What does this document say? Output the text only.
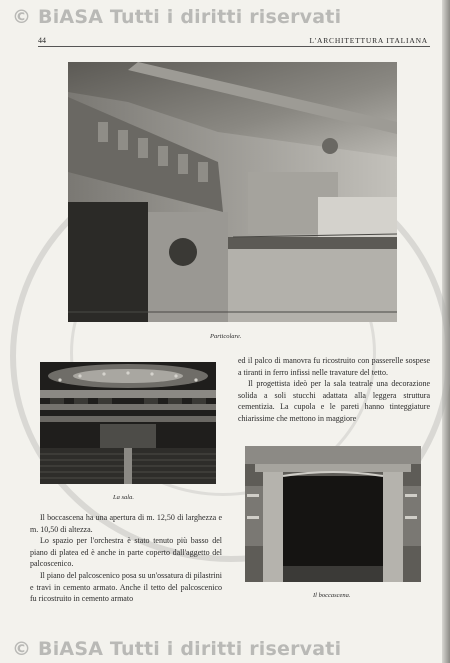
© BiASA Tutti i diritti riservati
44	L'ARCHITETTURA ITALIANA
Particolare.
La sala.
Il boccascena.

ed il palco di manovra fu ricostruito con passerelle sospese a tiranti in ferro infissi nelle travature del tetto.

Il progettista ideò per la sala teatrale una decorazione solida a soli stucchi adattata alla leggera struttura cementizia. La cupola e le pareti hanno tinteggiature chiarissime che mettono in maggiore

Il boccascena ha una apertura di m. 12,50 di larghezza e m. 10,50 di altezza.

Lo spazio per l'orchestra è stato tenuto più basso del piano di platea ed è anche in parte coperto dall'aggetto del palcoscenico.

Il piano del palcoscenico posa su un'ossatura di pilastrini e travi in cemento armato. Anche il tetto del palcoscenico fu ricostruito in cemento armato

© BiASA Tutti i diritti riservati
